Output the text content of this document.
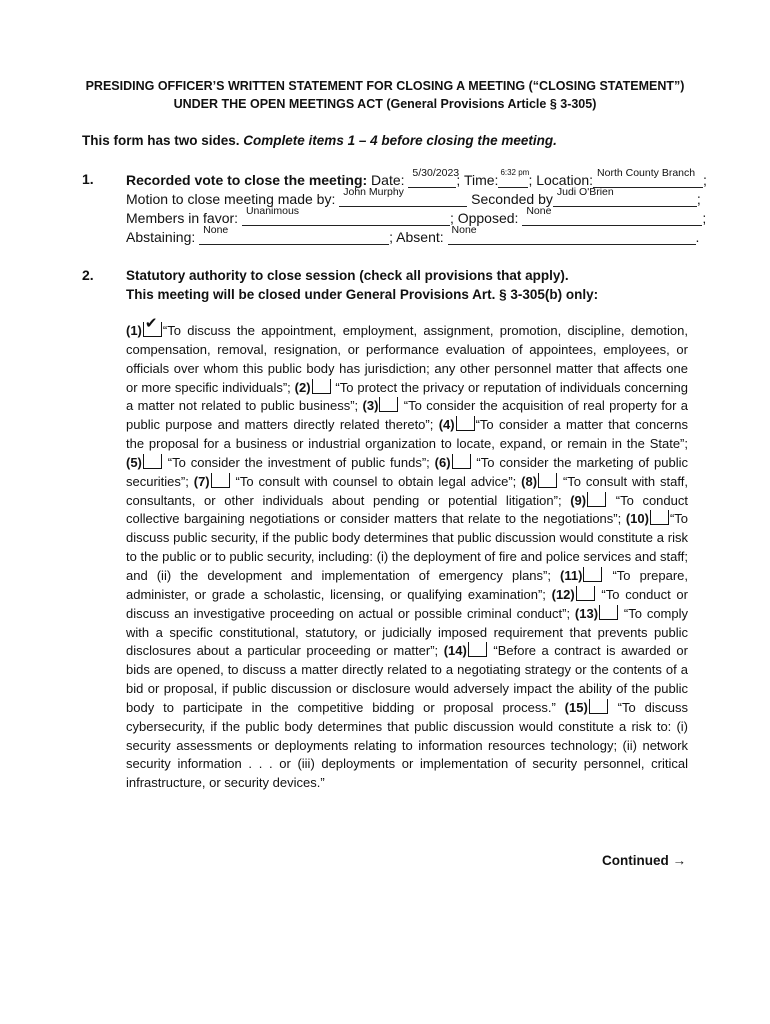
PRESIDING OFFICER’S WRITTEN STATEMENT FOR CLOSING A MEETING (“CLOSING STATEMENT”)
UNDER THE OPEN MEETINGS ACT (General Provisions Article § 3-305)
This form has two sides. Complete items 1 – 4 before closing the meeting.
1. Recorded vote to close the meeting: Date: 5/30/2023
; Time: 6:32 pm ; Location: North County Branch ;
Motion to close meeting made by: John Murphy	Seconded by Judi O'Brien	;
Members in favor: Unanimous	; Opposed: None	;
Abstaining: None	; Absent: None	.
2. Statutory authority to close session (check all provisions that apply).
This meeting will be closed under General Provisions Art. § 3-305(b) only:
(1) ✔ “To discuss the appointment, employment, assignment, promotion, discipline, demotion, compensation, removal, resignation, or performance evaluation of appointees, employees, or officials over whom this public body has jurisdiction; any other personnel matter that affects one or more specific individuals”; (2) “To protect the privacy or reputation of individuals concerning a matter not related to public business”; (3) “To consider the acquisition of real property for a public purpose and matters directly related thereto”; (4) “To consider a matter that concerns the proposal for a business or industrial organization to locate, expand, or remain in the State”; (5) “To consider the investment of public funds”; (6) “To consider the marketing of public securities”; (7) “To consult with counsel to obtain legal advice”; (8) “To consult with staff, consultants, or other individuals about pending or potential litigation”; (9) “To conduct collective bargaining negotiations or consider matters that relate to the negotiations”; (10) “To discuss public security, if the public body determines that public discussion would constitute a risk to the public or to public security, including: (i) the deployment of fire and police services and staff; and (ii) the development and implementation of emergency plans”; (11) “To prepare, administer, or grade a scholastic, licensing, or qualifying examination”; (12) “To conduct or discuss an investigative proceeding on actual or possible criminal conduct”; (13) “To comply with a specific constitutional, statutory, or judicially imposed requirement that prevents public disclosures about a particular proceeding or matter”; (14) “Before a contract is awarded or bids are opened, to discuss a matter directly related to a negotiating strategy or the contents of a bid or proposal, if public discussion or disclosure would adversely impact the ability of the public body to participate in the competitive bidding or proposal process.” (15) “To discuss cybersecurity, if the public body determines that public discussion would constitute a risk to: (i) security assessments or deployments relating to information resources technology; (ii) network security information . . . or (iii) deployments or implementation of security personnel, critical infrastructure, or security devices.”
Continued →
